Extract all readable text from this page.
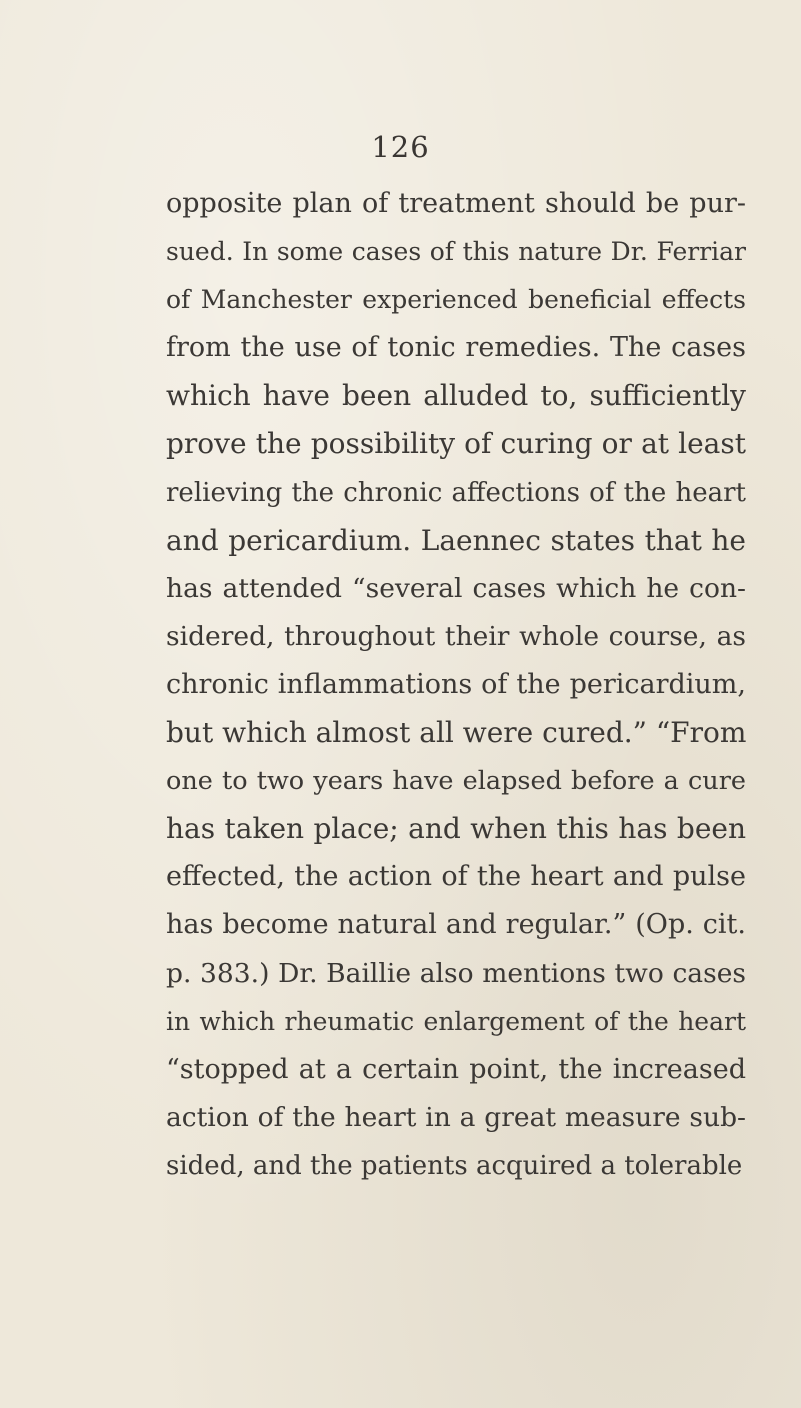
126
opposite plan of treatment should be pur-
sued. In some cases of this nature Dr. Ferriar
of Manchester experienced beneficial effects
from the use of tonic remedies. The cases
which have been alluded to, sufficiently
prove the possibility of curing or at least
relieving the chronic affections of the heart
and pericardium. Laennec states that he
has attended “several cases which he con-
sidered, throughout their whole course, as
chronic inflammations of the pericardium,
but which almost all were cured.” “From
one to two years have elapsed before a cure
has taken place; and when this has been
effected, the action of the heart and pulse
has become natural and regular.” (Op. cit.
p. 383.) Dr. Baillie also mentions two cases
in which rheumatic enlargement of the heart
“stopped at a certain point, the increased
action of the heart in a great measure sub-
sided, and the patients acquired a tolerable
